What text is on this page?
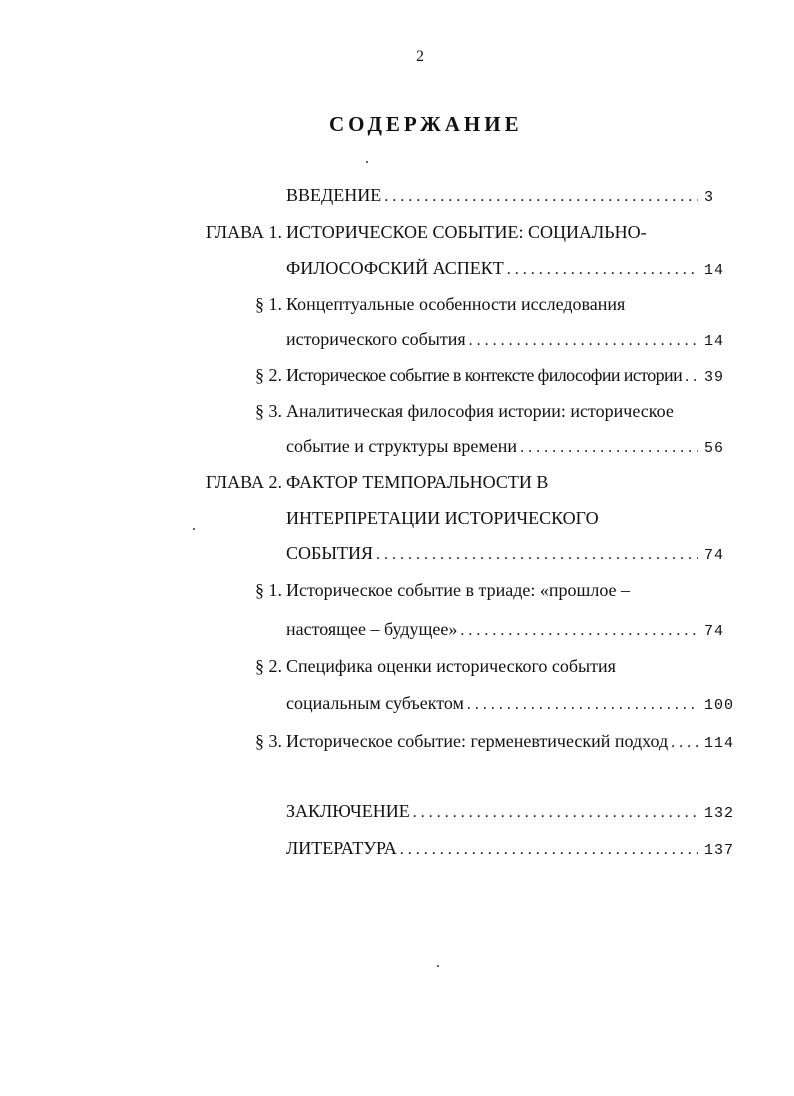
2
СОДЕРЖАНИЕ
ВВЕДЕНИЕ . . .	3
ГЛАВА 1. ИСТОРИЧЕСКОЕ СОБЫТИЕ: СОЦИАЛЬНО-
ФИЛОСОФСКИЙ АСПЕКТ . . .	14
§ 1. Концептуальные особенности исследования
исторического события . . .	14
§ 2. Историческое событие в контексте философии истории . . . 39
§ 3. Аналитическая философия истории: историческое
событие и структуры времени . . .	56
ГЛАВА 2. ФАКТОР ТЕМПОРАЛЬНОСТИ В
ИНТЕРПРЕТАЦИИ ИСТОРИЧЕСКОГО
СОБЫТИЯ . . .	74
§ 1. Историческое событие в триаде: «прошлое –
настоящее – будущее» . . .	74
§ 2. Специфика оценки исторического события
социальным субъектом . . .	100
§ 3. Историческое событие: герменевтический подход . . . 114
ЗАКЛЮЧЕНИЕ . . .	132
ЛИТЕРАТУРА . . .	137
